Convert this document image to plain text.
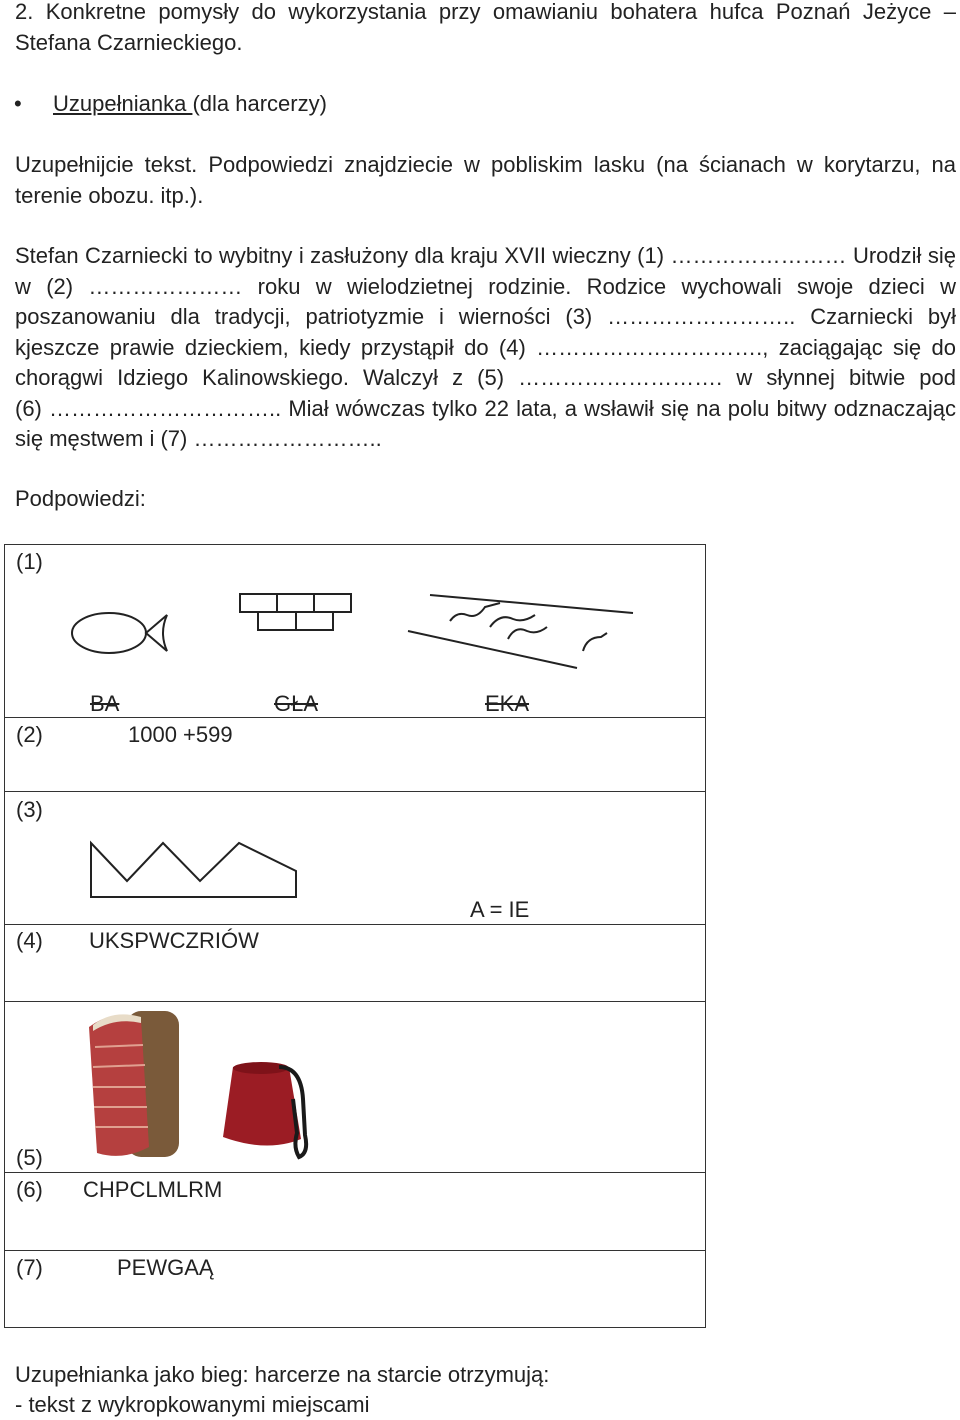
2. Konkretne pomysły do wykorzystania przy omawianiu bohatera hufca Poznań Jeżyce –
Stefana Czarnieckiego.
• Uzupełnianka (dla harcerzy)
Uzupełnijcie tekst. Podpowiedzi znajdziecie w pobliskim lasku (na ścianach w korytarzu, na
terenie obozu. itp.).
Stefan Czarniecki to wybitny i zasłużony dla kraju XVII wieczny (1) …………………… Urodził się
w (2) ………………… roku w wielodzietnej rodzinie. Rodzice wychowali swoje dzieci w
poszanowaniu dla tradycji, patriotyzmie i wierności (3) …………………….. Czarniecki był
kjeszcze prawie dzieckiem, kiedy przystąpił do (4) …………………………., zaciągając się do
chorągwi Idziego Kalinowskiego. Walczył z (5) ………………………. w słynnej bitwie pod
(6) ………………………….. Miał wówczas tylko 22 lata, a wsławił się na polu bitwy odznaczając
się męstwem i (7) ……………………..
Podpowiedzi:
(1)
BA	GŁA	EKA
(2)	1000 +599
(3)
A = IE
(4) UKSPWCZRIÓW
(5)
(6) CHPCLMLRM
(7)	PEWGAĄ
Uzupełnianka jako bieg: harcerze na starcie otrzymują:
- tekst z wykropkowanymi miejscami
